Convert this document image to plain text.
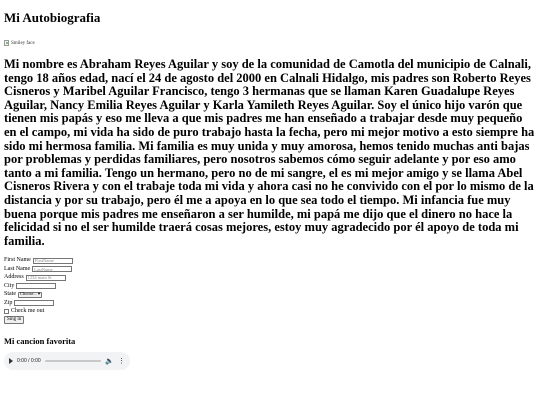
Mi Autobiografia
Smiley face

Mi nombre es Abraham Reyes Aguilar y soy de la comunidad de Camotla del municipio de Calnali, tengo 18 años edad, nací el 24 de agosto del 2000 en Calnali Hidalgo, mis padres son Roberto Reyes Cisneros y Maribel Aguilar Francisco, tengo 3 hermanas que se llaman Karen Guadalupe Reyes Aguilar, Nancy Emilia Reyes Aguilar y Karla Yamileth Reyes Aguilar. Soy el único hijo varón que tienen mis papás y eso me lleva a que mis padres me han enseñado a trabajar desde muy pequeño en el campo, mi vida ha sido de puro trabajo hasta la fecha, pero mi mejor motivo a esto siempre ha sido mi hermosa familia. Mi familia es muy unida y muy amorosa, hemos tenido muchas anti bajas por problemas y perdidas familiares, pero nosotros sabemos cómo seguir adelante y por eso amo tanto a mi familia. Tengo un hermano, pero no de mi sangre, el es mi mejor amigo y se llama Abel Cisneros Rivera y con el trabaje toda mi vida y ahora casi no he convivido con el por lo mismo de la distancia y por su trabajo, pero él me a apoya en lo que sea todo el tiempo. Mi infancia fue muy buena porque mis padres me enseñaron a ser humilde, mi papá me dijo que el dinero no hace la felicidad si no el ser humilde traerá cosas mejores, estoy muy agradecido por él apoyo de toda mi familia.

First Name FirstName
Last Name LastName
Address 1234 main St
City
State Choose... ▾
Zip
Check me out
Sing in
Mi cancion favorita
0:00 / 0:00	🔈 ⋮
